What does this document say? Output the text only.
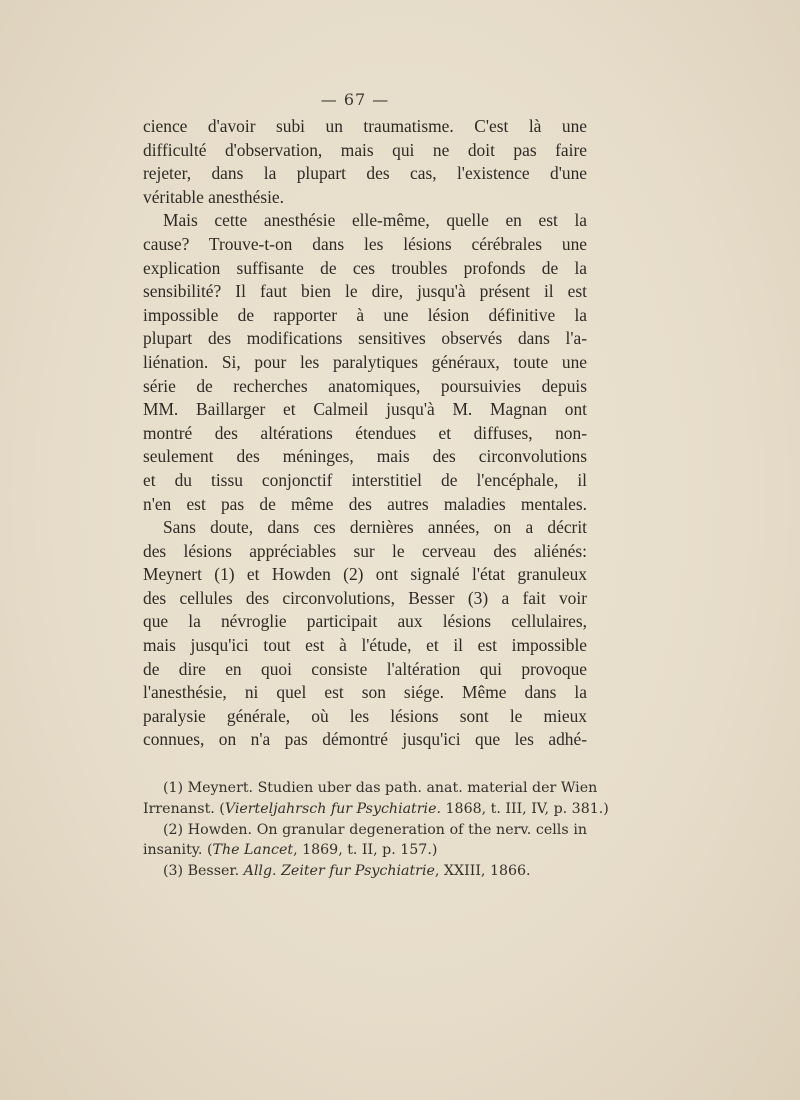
— 67 —
cience d'avoir subi un traumatisme. C'est là une
difficulté d'observation, mais qui ne doit pas faire
rejeter, dans la plupart des cas, l'existence d'une
véritable anesthésie.
Mais cette anesthésie elle-même, quelle en est la
cause? Trouve-t-on dans les lésions cérébrales une
explication suffisante de ces troubles profonds de la
sensibilité? Il faut bien le dire, jusqu'à présent il est
impossible de rapporter à une lésion définitive la
plupart des modifications sensitives observés dans l'a-
liénation. Si, pour les paralytiques généraux, toute une
série de recherches anatomiques, poursuivies depuis
MM. Baillarger et Calmeil jusqu'à M. Magnan ont
montré des altérations étendues et diffuses, non-
seulement des méninges, mais des circonvolutions
et du tissu conjonctif interstitiel de l'encéphale, il
n'en est pas de même des autres maladies mentales.
Sans doute, dans ces dernières années, on a décrit
des lésions appréciables sur le cerveau des aliénés:
Meynert (1) et Howden (2) ont signalé l'état granuleux
des cellules des circonvolutions, Besser (3) a fait voir
que la névroglie participait aux lésions cellulaires,
mais jusqu'ici tout est à l'étude, et il est impossible
de dire en quoi consiste l'altération qui provoque
l'anesthésie, ni quel est son siége. Même dans la
paralysie générale, où les lésions sont le mieux
connues, on n'a pas démontré jusqu'ici que les adhé-
(1) Meynert. Studien uber das path. anat. material der Wien
Irrenanst. (Vierteljahrsch fur Psychiatrie. 1868, t. III, IV, p. 381.)
(2) Howden. On granular degeneration of the nerv. cells in
insanity. (The Lancet, 1869, t. II, p. 157.)
(3) Besser. Allg. Zeiter fur Psychiatrie, XXIII, 1866.
